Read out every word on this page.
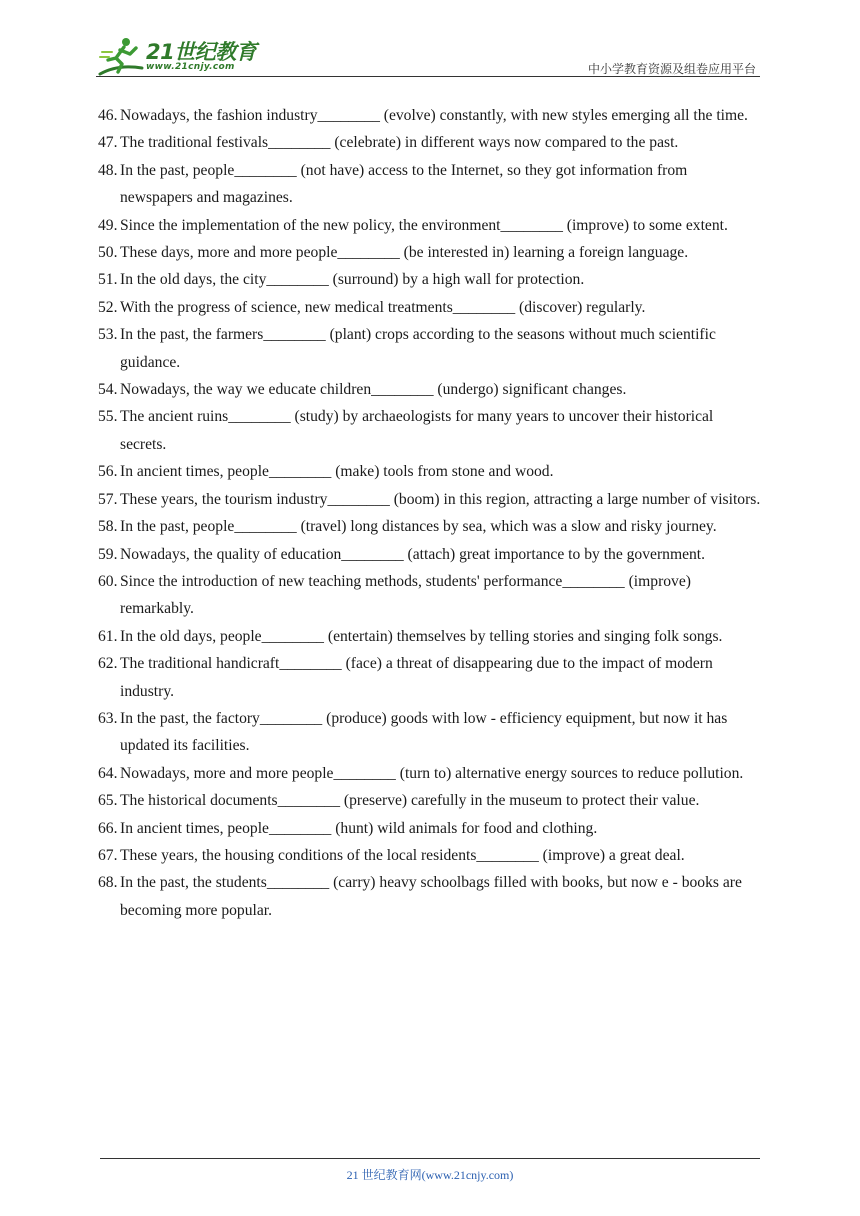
21世纪教育
www.21cnjy.com	中小学教育资源及组卷应用平台
46. Nowadays, the fashion industry________ (evolve) constantly, with new styles emerging all the time.
47. The traditional festivals________ (celebrate) in different ways now compared to the past.
48. In the past, people________ (not have) access to the Internet, so they got information from newspapers and magazines.
49. Since the implementation of the new policy, the environment________ (improve) to some extent.
50. These days, more and more people________ (be interested in) learning a foreign language.
51. In the old days, the city________ (surround) by a high wall for protection.
52. With the progress of science, new medical treatments________ (discover) regularly.
53. In the past, the farmers________ (plant) crops according to the seasons without much scientific guidance.
54. Nowadays, the way we educate children________ (undergo) significant changes.
55. The ancient ruins________ (study) by archaeologists for many years to uncover their historical secrets.
56. In ancient times, people________ (make) tools from stone and wood.
57. These years, the tourism industry________ (boom) in this region, attracting a large number of visitors.
58. In the past, people________ (travel) long distances by sea, which was a slow and risky journey.
59. Nowadays, the quality of education________ (attach) great importance to by the government.
60. Since the introduction of new teaching methods, students' performance________ (improve) remarkably.
61. In the old days, people________ (entertain) themselves by telling stories and singing folk songs.
62. The traditional handicraft________ (face) a threat of disappearing due to the impact of modern industry.
63. In the past, the factory________ (produce) goods with low - efficiency equipment, but now it has updated its facilities.
64. Nowadays, more and more people________ (turn to) alternative energy sources to reduce pollution.
65. The historical documents________ (preserve) carefully in the museum to protect their value.
66. In ancient times, people________ (hunt) wild animals for food and clothing.
67. These years, the housing conditions of the local residents________ (improve) a great deal.
68. In the past, the students________ (carry) heavy schoolbags filled with books, but now e - books are becoming more popular.
21 世纪教育网(www.21cnjy.com)
